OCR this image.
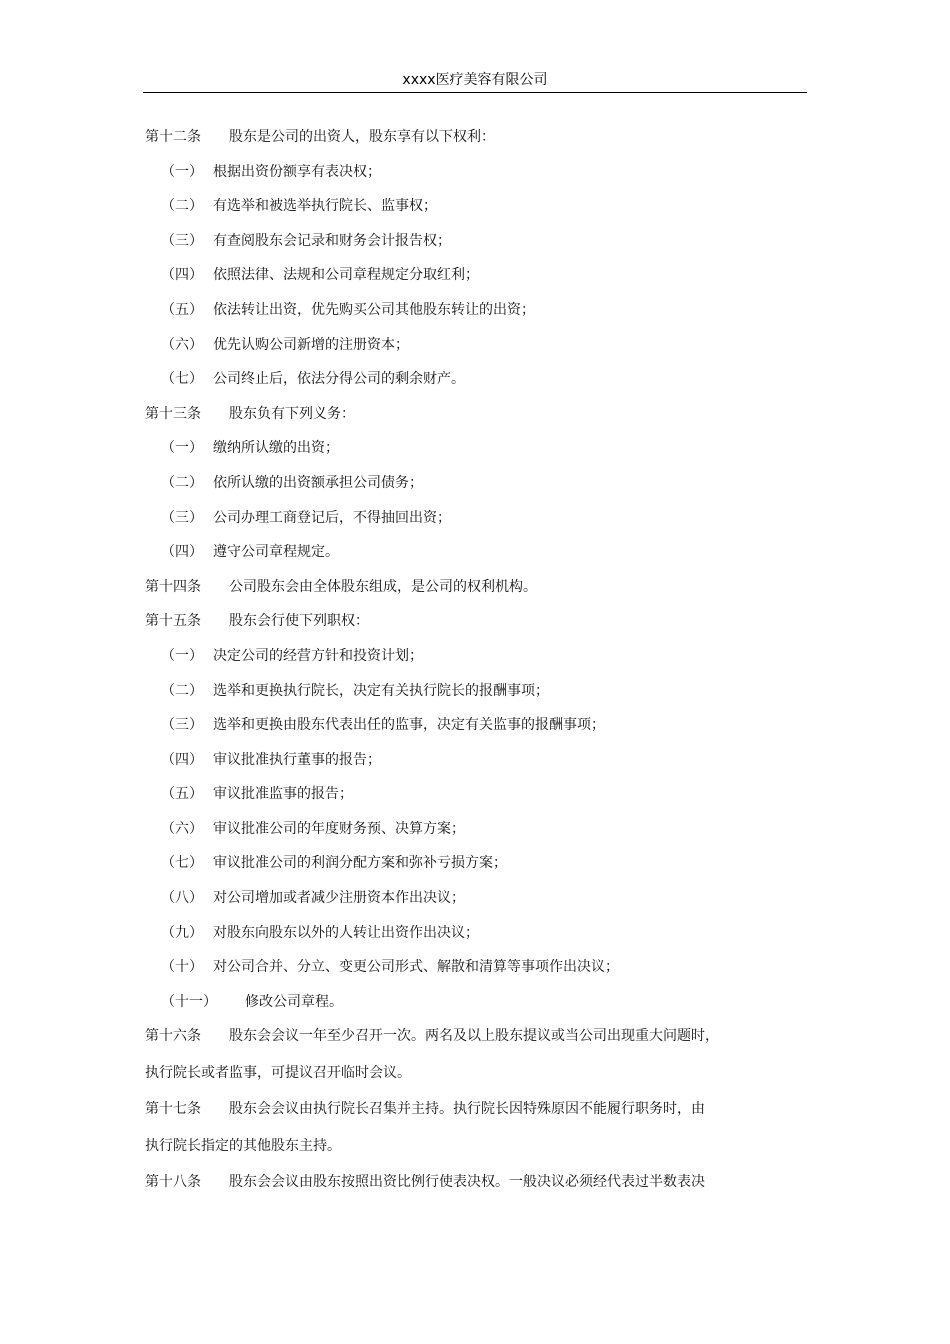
xxxx医疗美容有限公司
第十二条 股东是公司的出资人，股东享有以下权利：
（一） 根据出资份额享有表决权；
（二） 有选举和被选举执行院长、监事权；
（三） 有查阅股东会记录和财务会计报告权；
（四） 依照法律、法规和公司章程规定分取红利；
（五） 依法转让出资，优先购买公司其他股东转让的出资；
（六） 优先认购公司新增的注册资本；
（七） 公司终止后，依法分得公司的剩余财产。
第十三条 股东负有下列义务：
（一） 缴纳所认缴的出资；
（二） 依所认缴的出资额承担公司债务；
（三） 公司办理工商登记后，不得抽回出资；
（四） 遵守公司章程规定。
第十四条 公司股东会由全体股东组成，是公司的权利机构。
第十五条 股东会行使下列职权：
（一） 决定公司的经营方针和投资计划；
（二） 选举和更换执行院长，决定有关执行院长的报酬事项；
（三） 选举和更换由股东代表出任的监事，决定有关监事的报酬事项；
（四） 审议批准执行董事的报告；
（五） 审议批准监事的报告；
（六） 审议批准公司的年度财务预、决算方案；
（七） 审议批准公司的利润分配方案和弥补亏损方案；
（八） 对公司增加或者减少注册资本作出决议；
（九） 对股东向股东以外的人转让出资作出决议；
（十） 对公司合并、分立、变更公司形式、解散和清算等事项作出决议；
（十一） 修改公司章程。
第十六条 股东会会议一年至少召开一次。两名及以上股东提议或当公司出现重大问题时，
执行院长或者监事，可提议召开临时会议。
第十七条 股东会会议由执行院长召集并主持。执行院长因特殊原因不能履行职务时，由
执行院长指定的其他股东主持。
第十八条 股东会会议由股东按照出资比例行使表决权。一般决议必须经代表过半数表决
